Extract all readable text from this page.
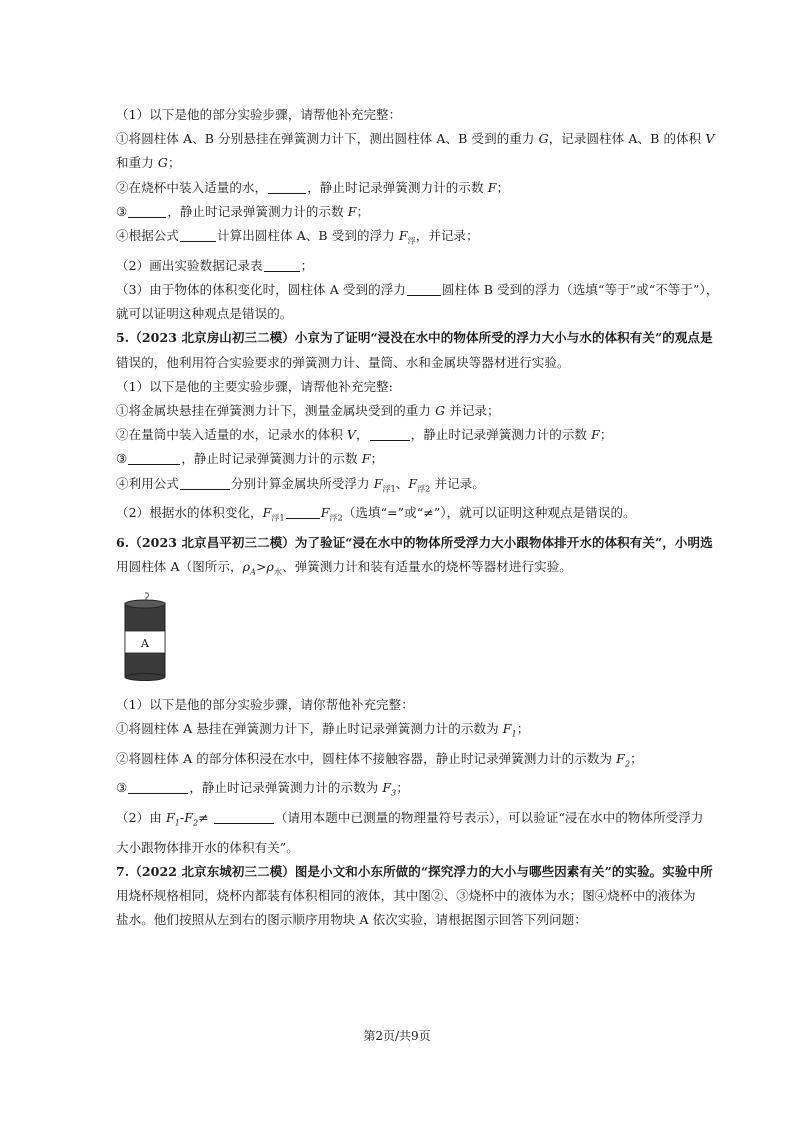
（1）以下是他的部分实验步骤，请帮他补充完整：
①将圆柱体 A、B 分别悬挂在弹簧测力计下，测出圆柱体 A、B 受到的重力 G，记录圆柱体 A、B 的体积 V
和重力 G；
②在烧杯中装入适量的水，	，静止时记录弹簧测力计的示数 F；
③	，静止时记录弹簧测力计的示数 F；
④根据公式	计算出圆柱体 A、B 受到的浮力 $F_浮$，并记录；
（2）画出实验数据记录表	；
（3）由于物体的体积变化时，圆柱体 A 受到的浮力	圆柱体 B 受到的浮力（选填“等于”或“不等于”），
就可以证明这种观点是错误的。
5.（2023 北京房山初三二模）小京为了证明“浸没在水中的物体所受的浮力大小与水的体积有关”的观点是
错误的，他利用符合实验要求的弹簧测力计、量筒、水和金属块等器材进行实验。
（1）以下是他的主要实验步骤，请帮他补充完整:
①将金属块悬挂在弹簧测力计下，测量金属块受到的重力 G 并记录；
②在量筒中装入适量的水，记录水的体积 V，	，静止时记录弹簧测力计的示数 F；
③	，静止时记录弹簧测力计的示数 F；
④利用公式	分别计算金属块所受浮力 $F_{浮1}$、$F_{浮2}$ 并记录。
（2）根据水的体积变化，$F_{浮1}$	$F_{浮2}$（选填“=”或“≠”），就可以证明这种观点是错误的。
6.（2023 北京昌平初三二模）为了验证“浸在水中的物体所受浮力大小跟物体排开水的体积有关”，小明选
用圆柱体 A（图所示，$\rho_A>\rho_水$、弹簧测力计和装有适量水的烧杯等器材进行实验。
A
（1）以下是他的部分实验步骤，请你帮他补充完整：
①将圆柱体 A 悬挂在弹簧测力计下，静止时记录弹簧测力计的示数为 $F_1$；
②将圆柱体 A 的部分体积浸在水中，圆柱体不接触容器，静止时记录弹簧测力计的示数为 $F_2$；
③	，静止时记录弹簧测力计的示数为 $F_3$；
（2）由 $F_1-F_2\ne$	（请用本题中已测量的物理量符号表示），可以验证“浸在水中的物体所受浮力
大小跟物体排开水的体积有关”。
7.（2022 北京东城初三二模）图是小文和小东所做的“探究浮力的大小与哪些因素有关”的实验。实验中所
用烧杯规格相同，烧杯内都装有体积相同的液体，其中图②、③烧杯中的液体为水；图④烧杯中的液体为
盐水。他们按照从左到右的图示顺序用物块 A 依次实验，请根据图示回答下列问题：
第2页/共9页
